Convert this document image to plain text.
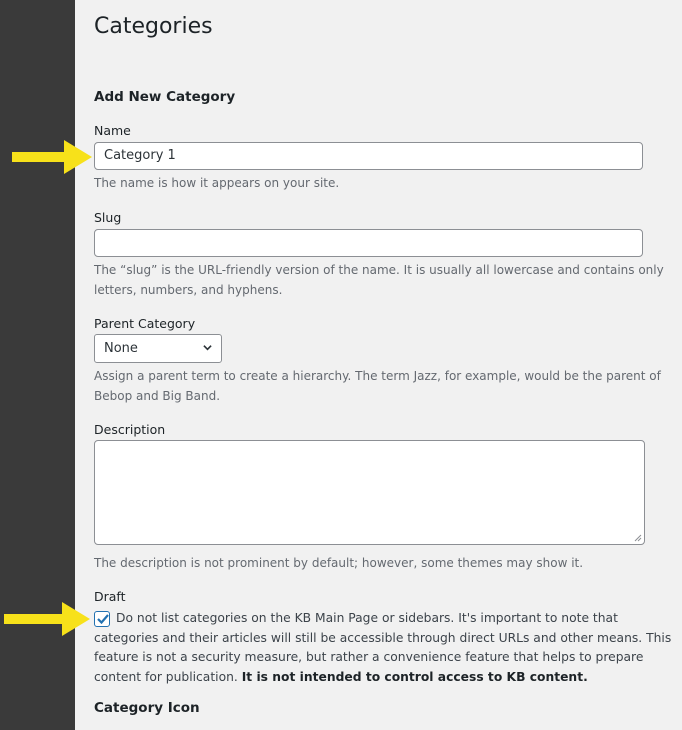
Categories
Add New Category
Name
Category 1
The name is how it appears on your site.
Slug
The “slug” is the URL-friendly version of the name. It is usually all lowercase and contains only letters, numbers, and hyphens.
Parent Category
None
Assign a parent term to create a hierarchy. The term Jazz, for example, would be the parent of Bebop and Big Band.
Description
The description is not prominent by default; however, some themes may show it.
Draft
Do not list categories on the KB Main Page or sidebars. It's important to note that categories and their articles will still be accessible through direct URLs and other means. This feature is not a security measure, but rather a convenience feature that helps to prepare content for publication. It is not intended to control access to KB content.
Category Icon
